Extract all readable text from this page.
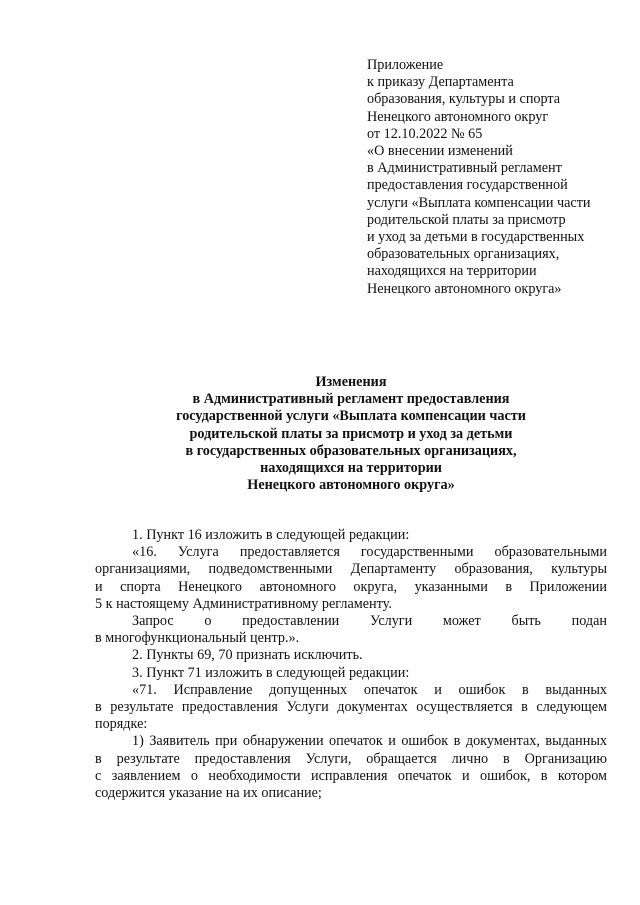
Приложение
к приказу Департамента
образования, культуры и спорта
Ненецкого автономного округ
от 12.10.2022 № 65
«О внесении изменений
в Административный регламент
предоставления государственной
услуги «Выплата компенсации части
родительской платы за присмотр
и уход за детьми в государственных
образовательных организациях,
находящихся на территории
Ненецкого автономного округа»
Изменения
в Административный регламент предоставления
государственной услуги «Выплата компенсации части
родительской платы за присмотр и уход за детьми
в государственных образовательных организациях,
находящихся на территории
Ненецкого автономного округа»
1. Пункт 16 изложить в следующей редакции:
«16. Услуга предоставляется государственными образовательными
организациями, подведомственными Департаменту образования, культуры
и спорта Ненецкого автономного округа, указанными в Приложении
5 к настоящему Административному регламенту.
Запрос о предоставлении Услуги может быть подан
в многофункциональный центр.».
2. Пункты 69, 70 признать исключить.
3. Пункт 71 изложить в следующей редакции:
«71. Исправление допущенных опечаток и ошибок в выданных
в результате предоставления Услуги документах осуществляется в следующем
порядке:
1) Заявитель при обнаружении опечаток и ошибок в документах, выданных
в результате предоставления Услуги, обращается лично в Организацию
с заявлением о необходимости исправления опечаток и ошибок, в котором
содержится указание на их описание;
